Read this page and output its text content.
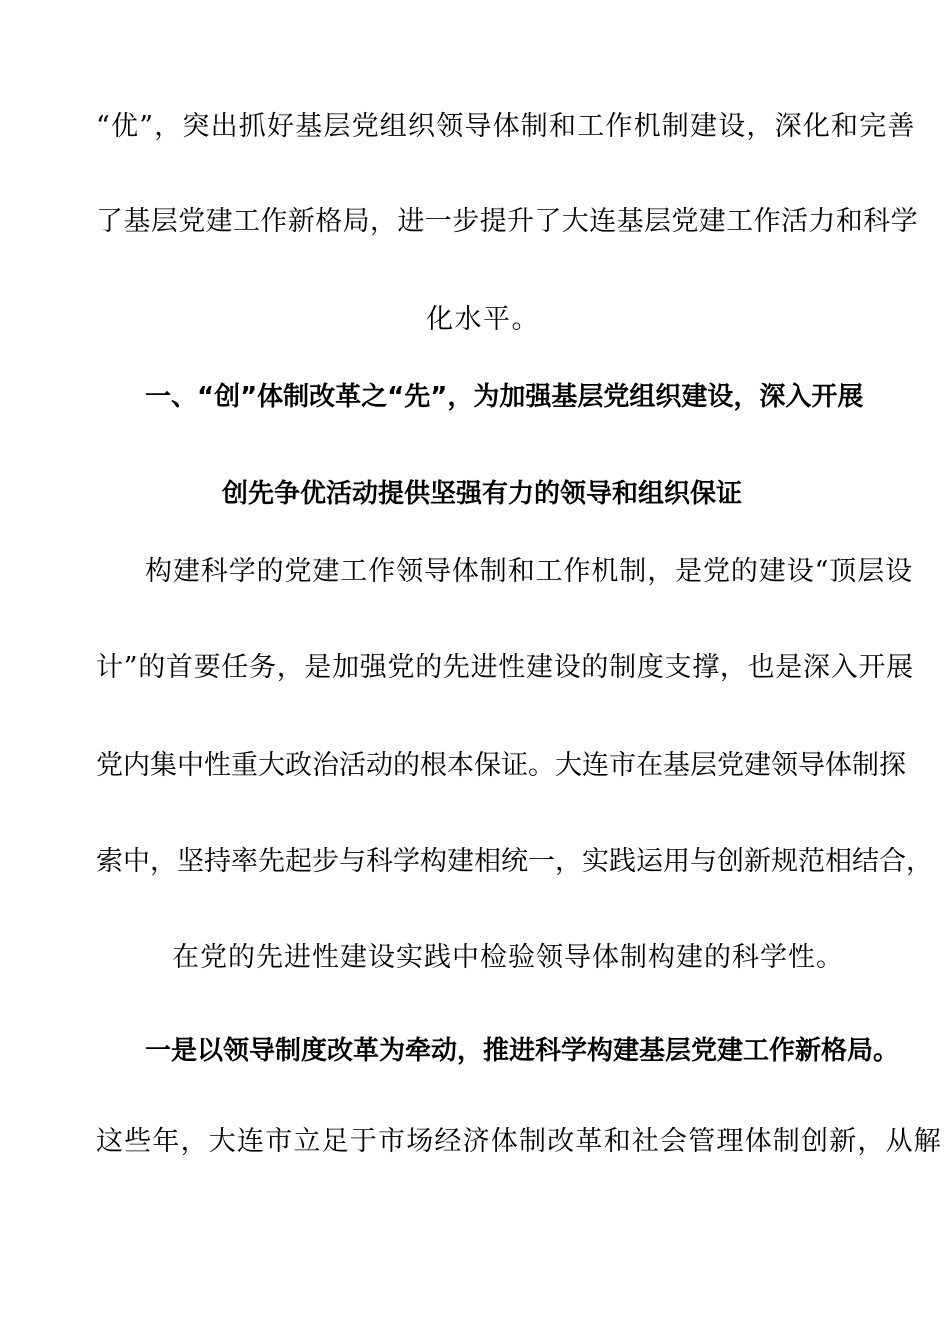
“优”，突出抓好基层党组织领导体制和工作机制建设，深化和完善
了基层党建工作新格局，进一步提升了大连基层党建工作活力和科学
化水平。
一、“创”体制改革之“先”，为加强基层党组织建设，深入开展
创先争优活动提供坚强有力的领导和组织保证
构建科学的党建工作领导体制和工作机制，是党的建设“顶层设
计”的首要任务，是加强党的先进性建设的制度支撑，也是深入开展
党内集中性重大政治活动的根本保证。大连市在基层党建领导体制探
索中，坚持率先起步与科学构建相统一，实践运用与创新规范相结合，
在党的先进性建设实践中检验领导体制构建的科学性。
一是以领导制度改革为牵动，推进科学构建基层党建工作新格局。
这些年，大连市立足于市场经济体制改革和社会管理体制创新，从解
